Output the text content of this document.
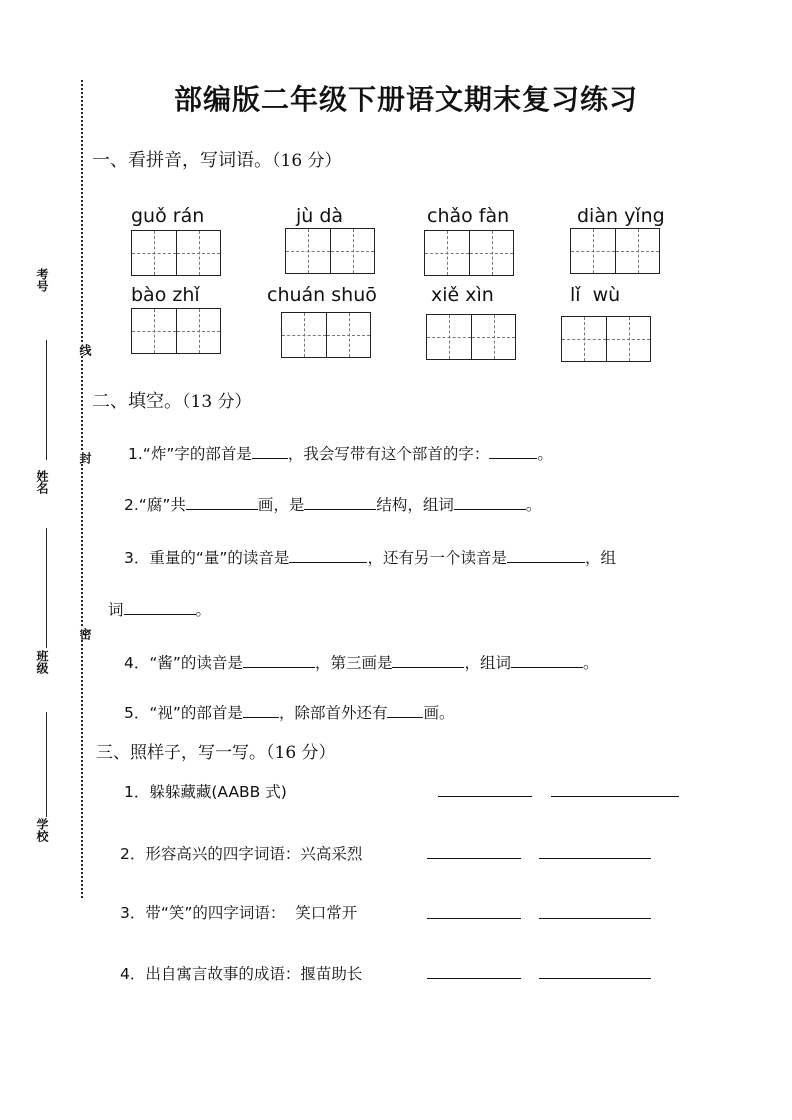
考号
姓名
班级
学校
线
封
密
部编版二年级下册语文期末复习练习
一、看拼音，写词语。（16 分）
guǒ rán	jù dà	chǎo fàn	diàn yǐng
bào zhǐ	chuán shuō	xiě xìn	lǐ  wù
二、填空。（13 分）
1.“炸”字的部首是 ，我会写带有这个部首的字：	。
2.“腐”共	画，是	结构，组词	。
3．重量的“量”的读音是	，还有另一个读音是	，组
词	。
4．“酱”的读音是	，第三画是	，组词	。
5．“视”的部首是 ，除部首外还有 画。
三、照样子，写一写。（16 分）
1．躲躲藏藏(AABB 式)
2．形容高兴的四字词语：兴高采烈
3．带“笑”的四字词语：  笑口常开
4．出自寓言故事的成语：揠苗助长
